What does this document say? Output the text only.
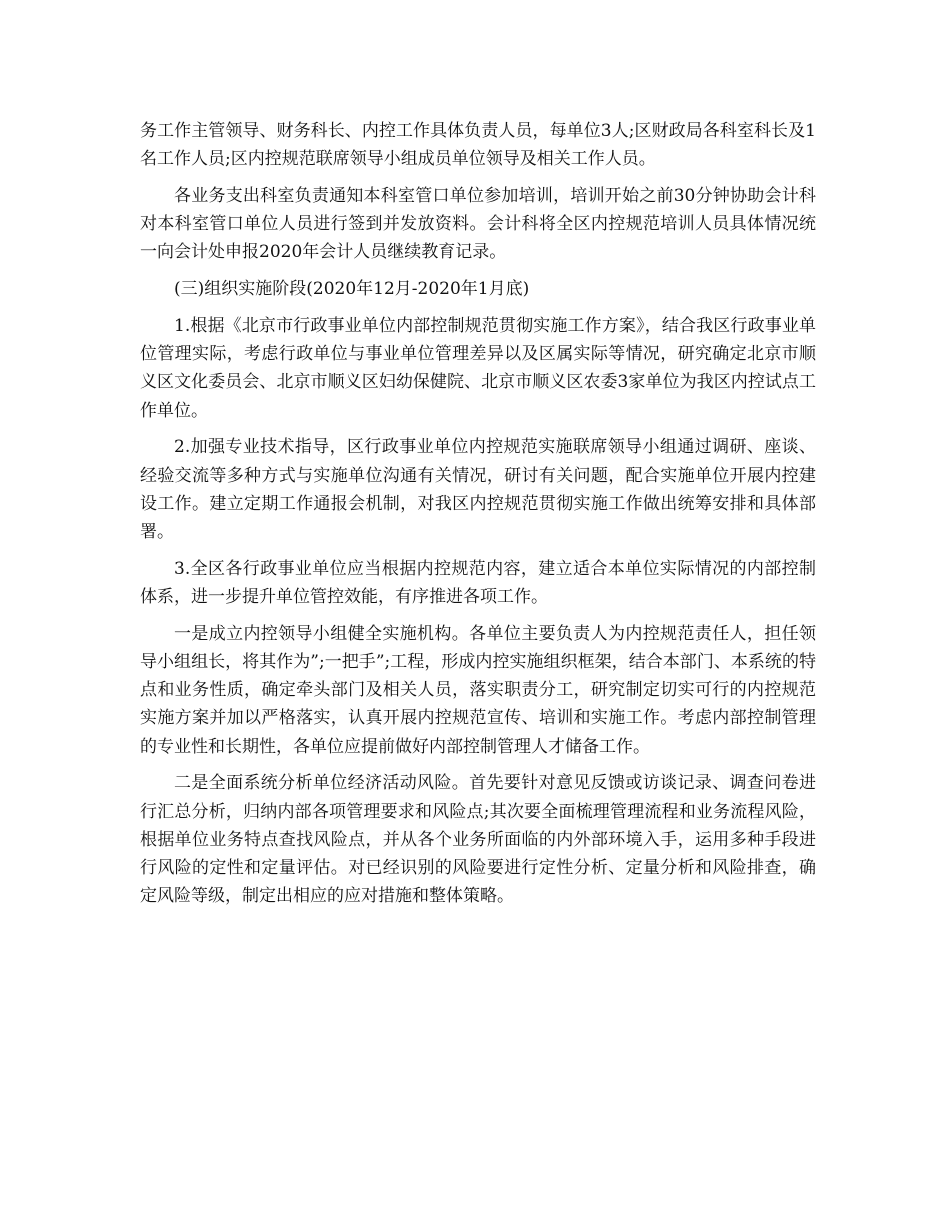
务工作主管领导、财务科长、内控工作具体负责人员，每单位3人;区财政局各科室科长及1名工作人员;区内控规范联席领导小组成员单位领导及相关工作人员。

各业务支出科室负责通知本科室管口单位参加培训，培训开始之前30分钟协助会计科对本科室管口单位人员进行签到并发放资料。会计科将全区内控规范培训人员具体情况统一向会计处申报2020年会计人员继续教育记录。

(三)组织实施阶段(2020年12月-2020年1月底)

1.根据《北京市行政事业单位内部控制规范贯彻实施工作方案》，结合我区行政事业单位管理实际，考虑行政单位与事业单位管理差异以及区属实际等情况，研究确定北京市顺义区文化委员会、北京市顺义区妇幼保健院、北京市顺义区农委3家单位为我区内控试点工作单位。

2.加强专业技术指导，区行政事业单位内控规范实施联席领导小组通过调研、座谈、经验交流等多种方式与实施单位沟通有关情况，研讨有关问题，配合实施单位开展内控建设工作。建立定期工作通报会机制，对我区内控规范贯彻实施工作做出统筹安排和具体部署。

3.全区各行政事业单位应当根据内控规范内容，建立适合本单位实际情况的内部控制体系，进一步提升单位管控效能，有序推进各项工作。

一是成立内控领导小组健全实施机构。各单位主要负责人为内控规范责任人，担任领导小组组长，将其作为”;一把手”;工程，形成内控实施组织框架，结合本部门、本系统的特点和业务性质，确定牵头部门及相关人员，落实职责分工，研究制定切实可行的内控规范实施方案并加以严格落实，认真开展内控规范宣传、培训和实施工作。考虑内部控制管理的专业性和长期性，各单位应提前做好内部控制管理人才储备工作。

二是全面系统分析单位经济活动风险。首先要针对意见反馈或访谈记录、调查问卷进行汇总分析，归纳内部各项管理要求和风险点;其次要全面梳理管理流程和业务流程风险，根据单位业务特点查找风险点，并从各个业务所面临的内外部环境入手，运用多种手段进行风险的定性和定量评估。对已经识别的风险要进行定性分析、定量分析和风险排查，确定风险等级，制定出相应的应对措施和整体策略。
